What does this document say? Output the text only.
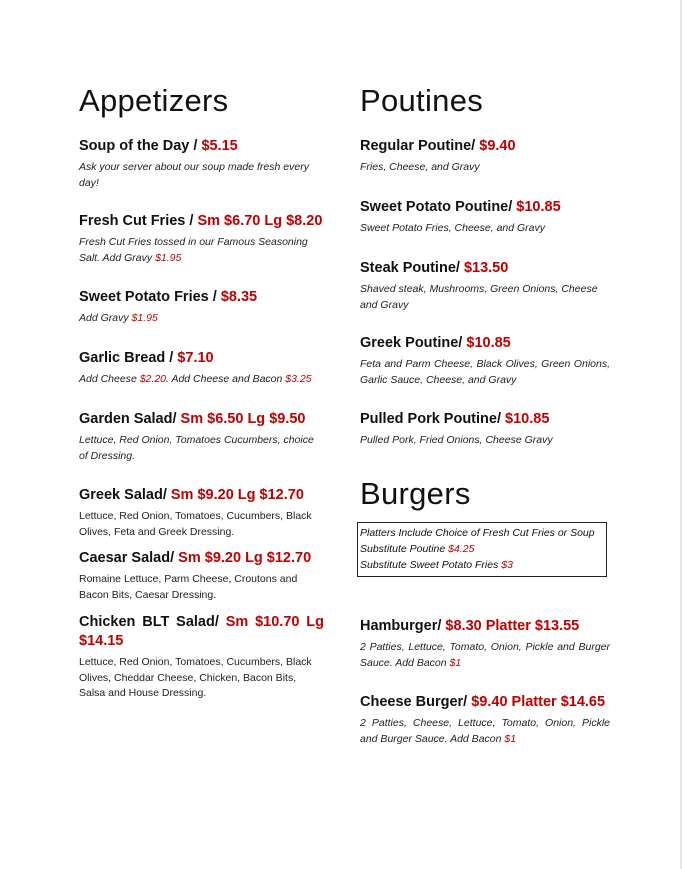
Appetizers

Soup of the Day / $5.15

Ask your server about our soup made fresh every day!

Fresh Cut Fries / Sm $6.70 Lg $8.20

Fresh Cut Fries tossed in our Famous Seasoning Salt. Add Gravy $1.95

Sweet Potato Fries / $8.35

Add Gravy $1.95

Garlic Bread / $7.10

Add Cheese $2.20. Add Cheese and Bacon $3.25

Garden Salad/ Sm $6.50 Lg $9.50

Lettuce, Red Onion, Tomatoes Cucumbers, choice of Dressing.

Greek Salad/ Sm $9.20 Lg $12.70

Lettuce, Red Onion, Tomatoes, Cucumbers, Black Olives, Feta and Greek Dressing.

Caesar Salad/ Sm $9.20 Lg $12.70

Romaine Lettuce, Parm Cheese, Croutons and Bacon Bits, Caesar Dressing.

Chicken BLT Salad/ Sm $10.70 Lg $14.15

Lettuce, Red Onion, Tomatoes, Cucumbers, Black Olives, Cheddar Cheese, Chicken, Bacon Bits, Salsa and House Dressing.

Poutines

Regular Poutine/ $9.40

Fries, Cheese, and Gravy

Sweet Potato Poutine/ $10.85

Sweet Potato Fries, Cheese, and Gravy

Steak Poutine/ $13.50

Shaved steak, Mushrooms, Green Onions, Cheese and Gravy

Greek Poutine/ $10.85

Feta and Parm Cheese, Black Olives, Green Onions, Garlic Sauce, Cheese, and Gravy

Pulled Pork Poutine/ $10.85

Pulled Pork, Fried Onions, Cheese Gravy

Burgers
Platters Include Choice of Fresh Cut Fries or Soup
Substitute Poutine $4.25
Substitute Sweet Potato Fries $3

Hamburger/ $8.30 Platter $13.55

2 Patties, Lettuce, Tomato, Onion, Pickle and Burger Sauce. Add Bacon $1

Cheese Burger/ $9.40 Platter $14.65

2 Patties, Cheese, Lettuce, Tomato, Onion, Pickle and Burger Sauce. Add Bacon $1
